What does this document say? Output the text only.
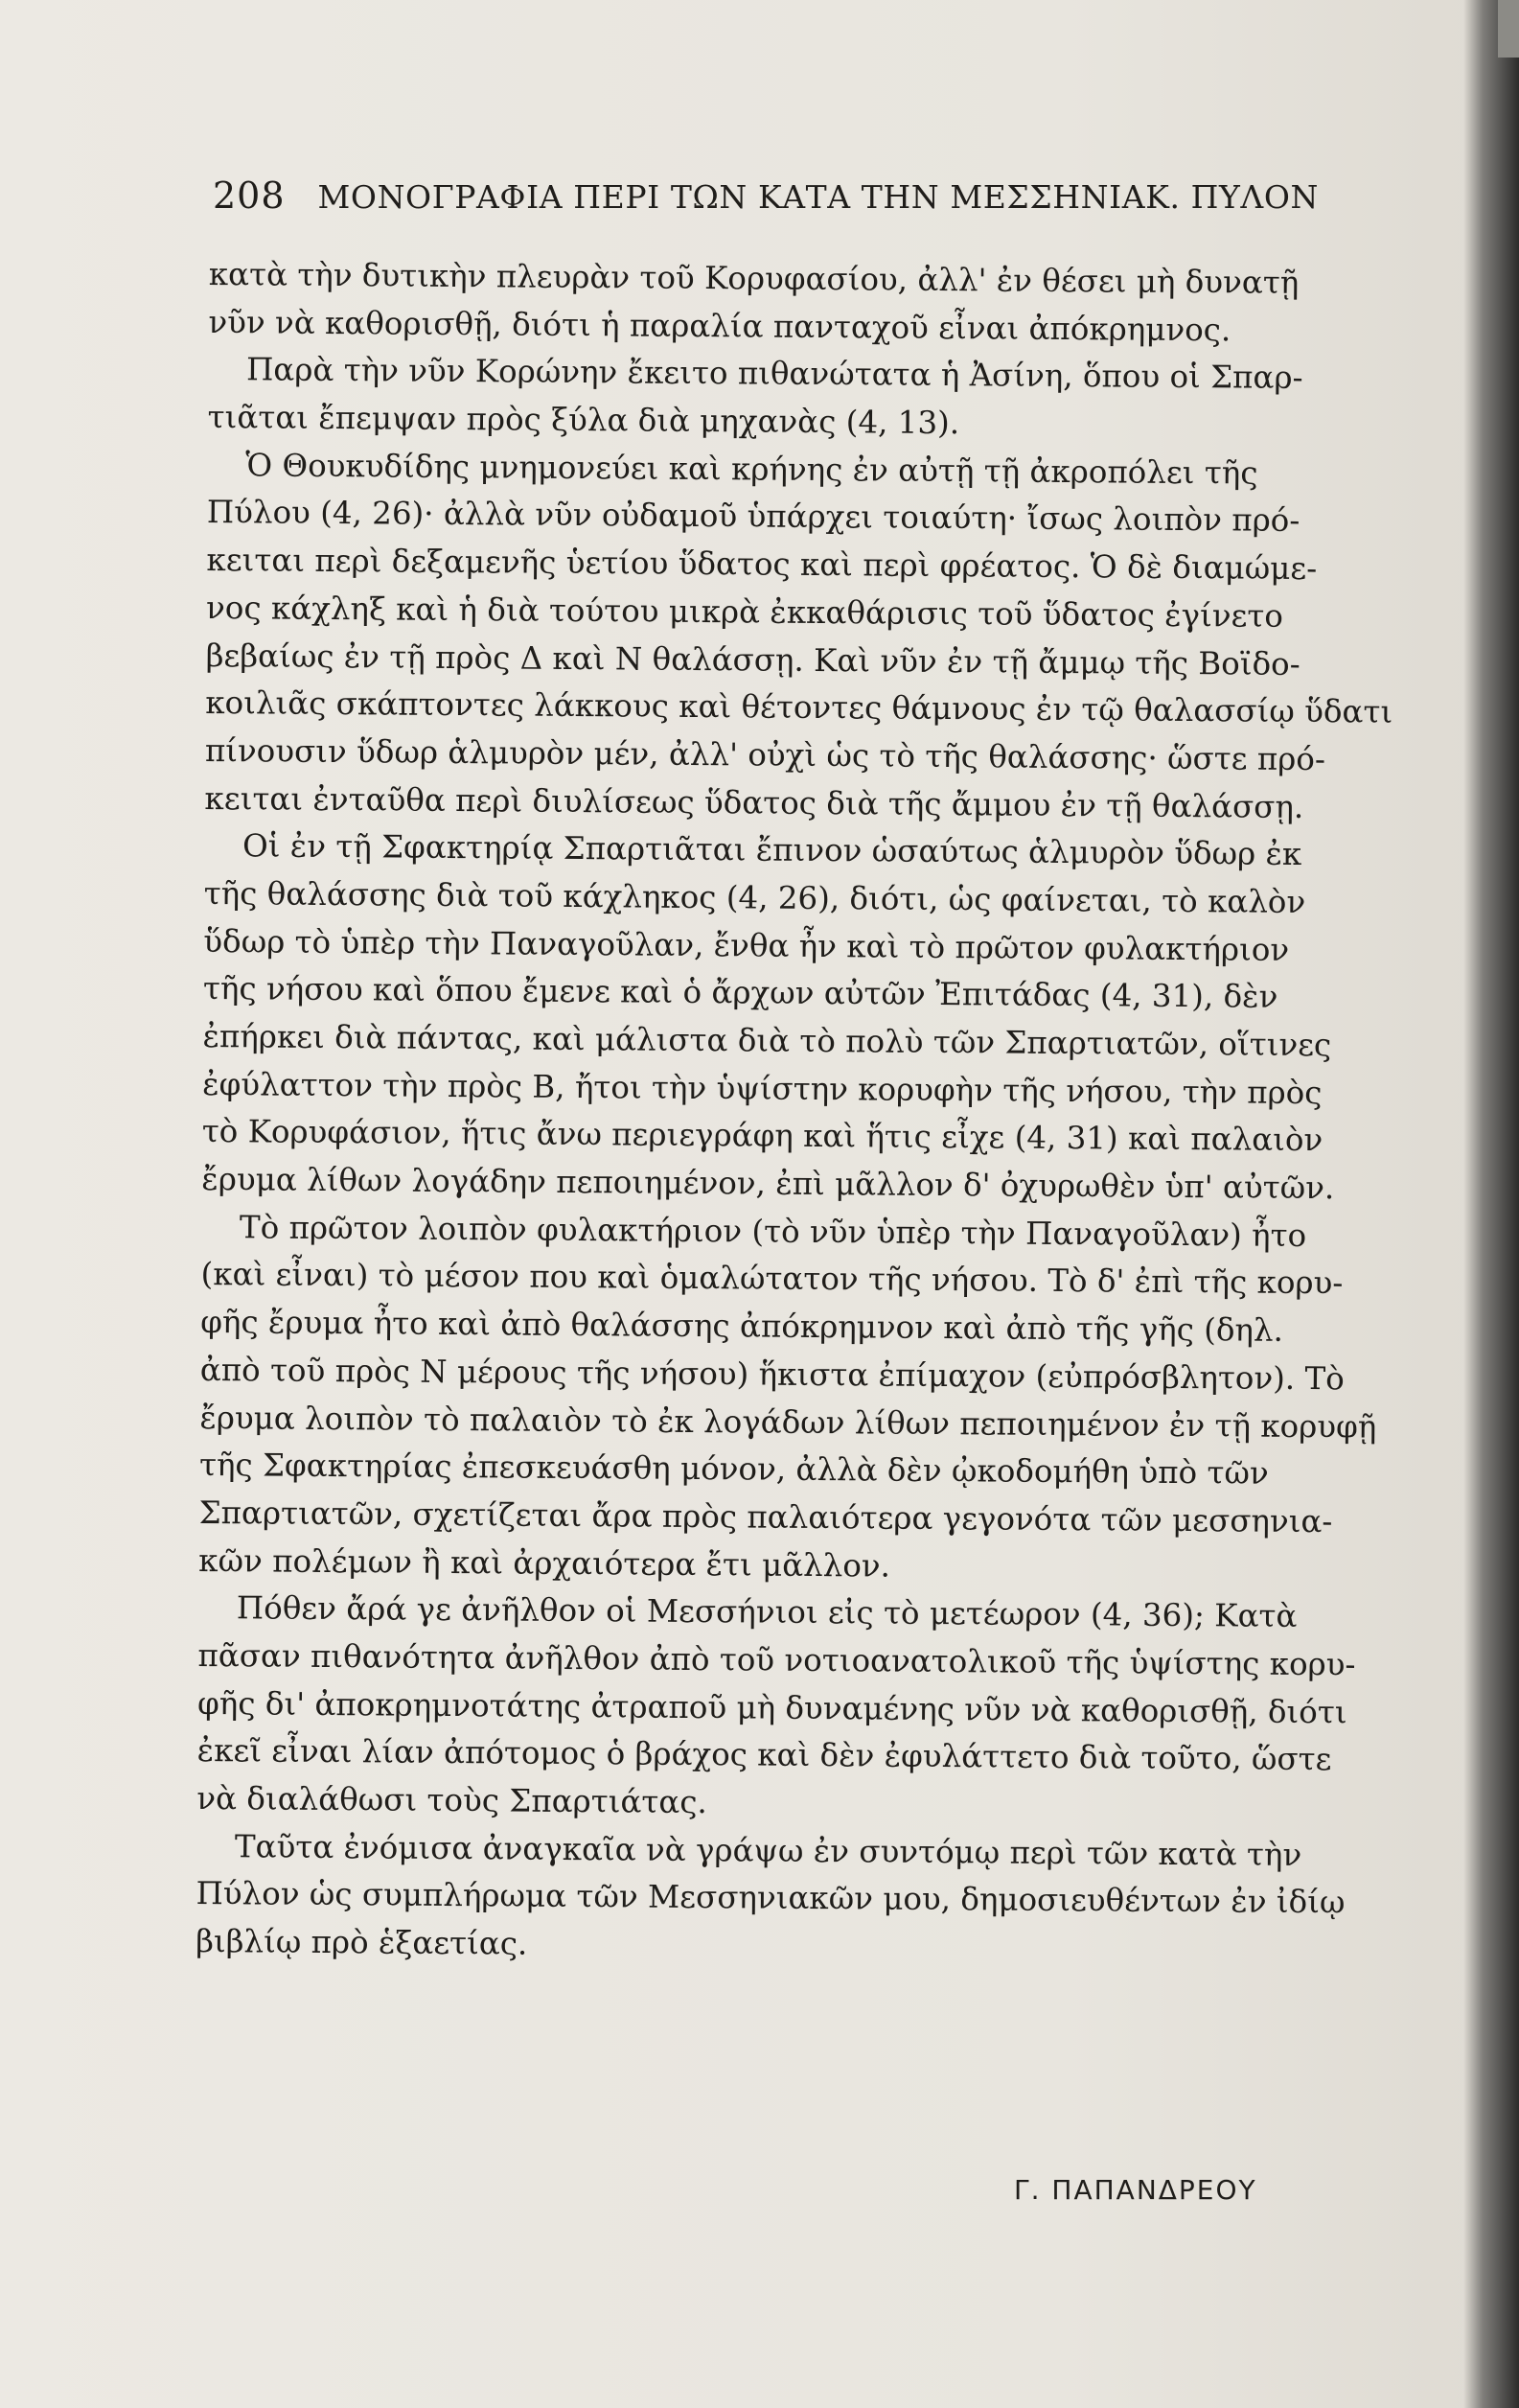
208 ΜΟΝΟΓΡΑΦΙΑ ΠΕΡΙ ΤΩΝ ΚΑΤΑ ΤΗΝ ΜΕΣΣΗΝΙΑΚ. ΠΥΛΟΝ
κατὰ τὴν δυτικὴν πλευρὰν τοῦ Κορυφασίου, ἀλλ' ἐν θέσει μὴ δυνατῇ
νῦν νὰ καθορισθῇ, διότι ἡ παραλία πανταχοῦ εἶναι ἀπόκρημνος.
Παρὰ τὴν νῦν Κορώνην ἔκειτο πιθανώτατα ἡ Ἀσίνη, ὅπου οἱ Σπαρ-
τιᾶται ἔπεμψαν πρὸς ξύλα διὰ μηχανὰς (4, 13).
Ὁ Θουκυδίδης μνημονεύει καὶ κρήνης ἐν αὐτῇ τῇ ἀκροπόλει τῆς
Πύλου (4, 26)· ἀλλὰ νῦν οὐδαμοῦ ὑπάρχει τοιαύτη· ἴσως λοιπὸν πρό-
κειται περὶ δεξαμενῆς ὑετίου ὕδατος καὶ περὶ φρέατος. Ὁ δὲ διαμώμε-
νος κάχληξ καὶ ἡ διὰ τούτου μικρὰ ἐκκαθάρισις τοῦ ὕδατος ἐγίνετο
βεβαίως ἐν τῇ πρὸς Δ καὶ Ν θαλάσσῃ. Καὶ νῦν ἐν τῇ ἄμμῳ τῆς Βοϊδο-
κοιλιᾶς σκάπτοντες λάκκους καὶ θέτοντες θάμνους ἐν τῷ θαλασσίῳ ὕδατι
πίνουσιν ὕδωρ ἁλμυρὸν μέν, ἀλλ' οὐχὶ ὡς τὸ τῆς θαλάσσης· ὥστε πρό-
κειται ἐνταῦθα περὶ διυλίσεως ὕδατος διὰ τῆς ἄμμου ἐν τῇ θαλάσσῃ.
Οἱ ἐν τῇ Σφακτηρίᾳ Σπαρτιᾶται ἔπινον ὡσαύτως ἁλμυρὸν ὕδωρ ἐκ
τῆς θαλάσσης διὰ τοῦ κάχληκος (4, 26), διότι, ὡς φαίνεται, τὸ καλὸν
ὕδωρ τὸ ὑπὲρ τὴν Παναγοῦλαν, ἔνθα ἦν καὶ τὸ πρῶτον φυλακτήριον
τῆς νήσου καὶ ὅπου ἔμενε καὶ ὁ ἄρχων αὐτῶν Ἐπιτάδας (4, 31), δὲν
ἐπήρκει διὰ πάντας, καὶ μάλιστα διὰ τὸ πολὺ τῶν Σπαρτιατῶν, οἵτινες
ἐφύλαττον τὴν πρὸς Β, ἤτοι τὴν ὑψίστην κορυφὴν τῆς νήσου, τὴν πρὸς
τὸ Κορυφάσιον, ἥτις ἄνω περιεγράφη καὶ ἥτις εἶχε (4, 31) καὶ παλαιὸν
ἔρυμα λίθων λογάδην πεποιημένον, ἐπὶ μᾶλλον δ' ὀχυρωθὲν ὑπ' αὐτῶν.
Τὸ πρῶτον λοιπὸν φυλακτήριον (τὸ νῦν ὑπὲρ τὴν Παναγοῦλαν) ἦτο
(καὶ εἶναι) τὸ μέσον που καὶ ὁμαλώτατον τῆς νήσου. Τὸ δ' ἐπὶ τῆς κορυ-
φῆς ἔρυμα ἦτο καὶ ἀπὸ θαλάσσης ἀπόκρημνον καὶ ἀπὸ τῆς γῆς (δηλ.
ἀπὸ τοῦ πρὸς Ν μέρους τῆς νήσου) ἥκιστα ἐπίμαχον (εὐπρόσβλητον). Τὸ
ἔρυμα λοιπὸν τὸ παλαιὸν τὸ ἐκ λογάδων λίθων πεποιημένον ἐν τῇ κορυφῇ
τῆς Σφακτηρίας ἐπεσκευάσθη μόνον, ἀλλὰ δὲν ᾠκοδομήθη ὑπὸ τῶν
Σπαρτιατῶν, σχετίζεται ἄρα πρὸς παλαιότερα γεγονότα τῶν μεσσηνια-
κῶν πολέμων ἢ καὶ ἀρχαιότερα ἔτι μᾶλλον.
Πόθεν ἄρά γε ἀνῆλθον οἱ Μεσσήνιοι εἰς τὸ μετέωρον (4, 36); Κατὰ
πᾶσαν πιθανότητα ἀνῆλθον ἀπὸ τοῦ νοτιοανατολικοῦ τῆς ὑψίστης κορυ-
φῆς δι' ἀποκρημνοτάτης ἀτραποῦ μὴ δυναμένης νῦν νὰ καθορισθῇ, διότι
ἐκεῖ εἶναι λίαν ἀπότομος ὁ βράχος καὶ δὲν ἐφυλάττετο διὰ τοῦτο, ὥστε
νὰ διαλάθωσι τοὺς Σπαρτιάτας.
Ταῦτα ἐνόμισα ἀναγκαῖα νὰ γράψω ἐν συντόμῳ περὶ τῶν κατὰ τὴν
Πύλον ὡς συμπλήρωμα τῶν Μεσσηνιακῶν μου, δημοσιευθέντων ἐν ἰδίῳ
βιβλίῳ πρὸ ἑξαετίας.
Γ. ΠΑΠΑΝΔΡΕΟΥ
